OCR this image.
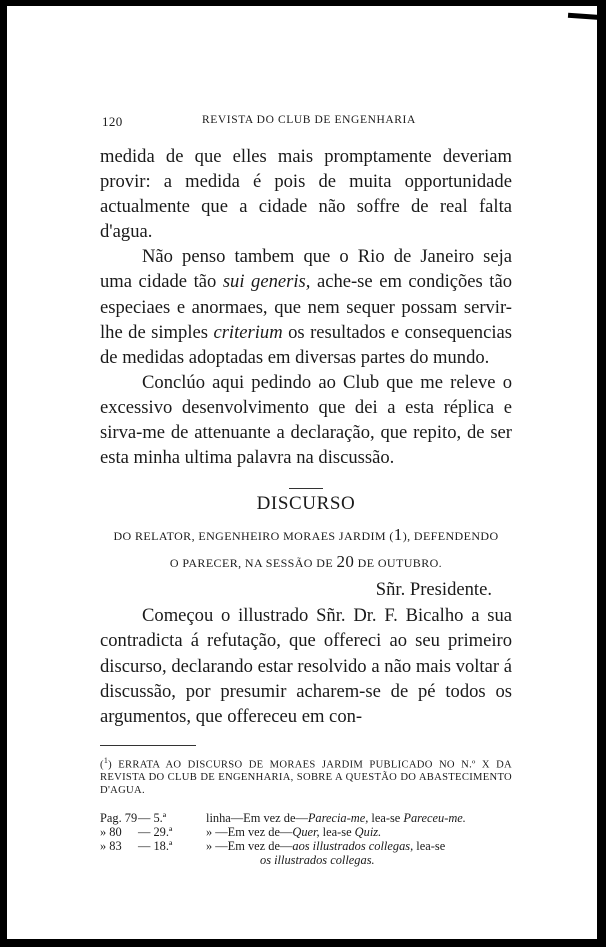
120	REVISTA DO CLUB DE ENGENHARIA

medida de que elles mais promptamente deveriam provir: a medida é pois de muita opportunidade actualmente que a cidade não soffre de real falta d'agua.

Não penso tambem que o Rio de Janeiro seja uma cidade tão sui generis, ache-se em condições tão especiaes e anormaes, que nem sequer possam servir-lhe de simples criterium os resultados e consequencias de medidas adoptadas em diversas partes do mundo.

Conclúo aqui pedindo ao Club que me releve o excessivo desenvolvimento que dei a esta réplica e sirva-me de attenuante a declaração, que repito, de ser esta minha ultima palavra na discussão.

DISCURSO
DO RELATOR, ENGENHEIRO MORAES JARDIM (1), DEFENDENDO
O PARECER, NA SESSÃO DE 20 DE OUTUBRO.
Sñr. Presidente.

Começou o illustrado Sñr. Dr. F. Bicalho a sua contradicta á refutação, que offereci ao seu primeiro discurso, declarando estar resolvido a não mais voltar á discussão, por presumir acharem-se de pé todos os argumentos, que offereceu em con-

($^1$) ERRATA AO DISCURSO DE MORAES JARDIM PUBLICADO NO N.º X DA REVISTA DO CLUB DE ENGENHARIA, SOBRE A QUESTÃO DO ABASTECIMENTO D'AGUA.
Pag. 79 — 5.ª	linha—Em vez de—Parecia-me, lea-se Pareceu-me.
» 80	— 29.ª	» —Em vez de—Quer, lea-se Quiz.
» 83	— 18.ª	» —Em vez de—aos illustrados collegas, lea-se
os illustrados collegas.
